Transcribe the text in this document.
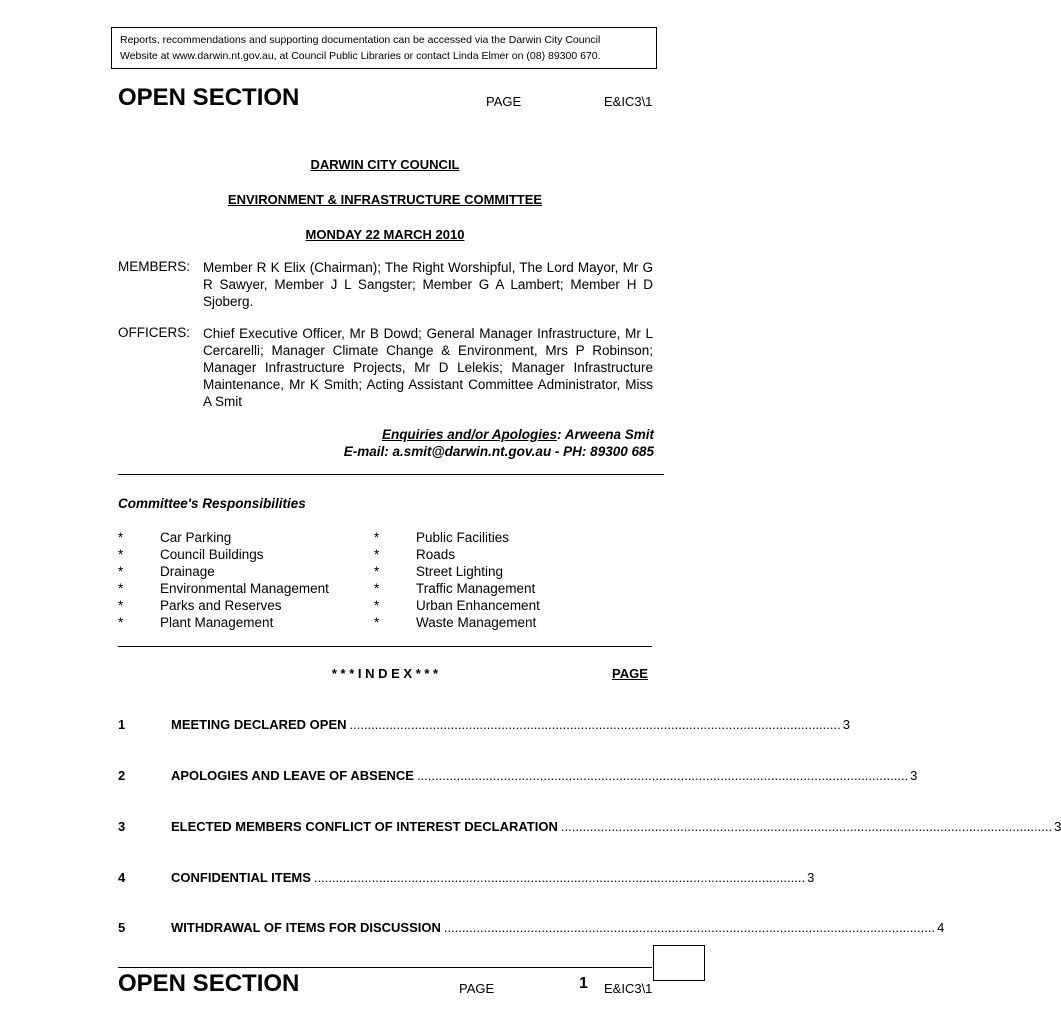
Reports, recommendations and supporting documentation can be accessed via the Darwin City Council
Website at www.darwin.nt.gov.au, at Council Public Libraries or contact Linda Elmer on (08) 89300 670.
OPEN SECTION	PAGE	E&IC3\1
DARWIN CITY COUNCIL
ENVIRONMENT & INFRASTRUCTURE COMMITTEE
MONDAY 22 MARCH 2010
MEMBERS: Member R K Elix (Chairman); The Right Worshipful, The Lord Mayor, Mr G R Sawyer, Member J L Sangster; Member G A Lambert; Member H D Sjoberg.
OFFICERS: Chief Executive Officer, Mr B Dowd; General Manager Infrastructure, Mr L Cercarelli; Manager Climate Change & Environment, Mrs P Robinson; Manager Infrastructure Projects, Mr D Lelekis; Manager Infrastructure Maintenance, Mr K Smith; Acting Assistant Committee Administrator, Miss A Smit
Enquiries and/or Apologies: Arweena Smit
E-mail: a.smit@darwin.nt.gov.au - PH: 89300 685
Committee's Responsibilities
*	Car Parking
*	Council Buildings
*	Drainage
*	Environmental Management
*	Parks and Reserves
*	Plant Management
*	Public Facilities
*	Roads
*	Street Lighting
*	Traffic Management
*	Urban Enhancement
*	Waste Management
* * * I N D E X * * *	PAGE
1	MEETING DECLARED OPEN ........................................................................................................................................ 3
2	APOLOGIES AND LEAVE OF ABSENCE ........................................................................................................................................ 3
3	ELECTED MEMBERS CONFLICT OF INTEREST DECLARATION ........................................................................................................................................ 3
4	CONFIDENTIAL ITEMS ........................................................................................................................................ 3
5	WITHDRAWAL OF ITEMS FOR DISCUSSION ........................................................................................................................................ 4
OPEN SECTION	PAGE	1 E&IC3\1
